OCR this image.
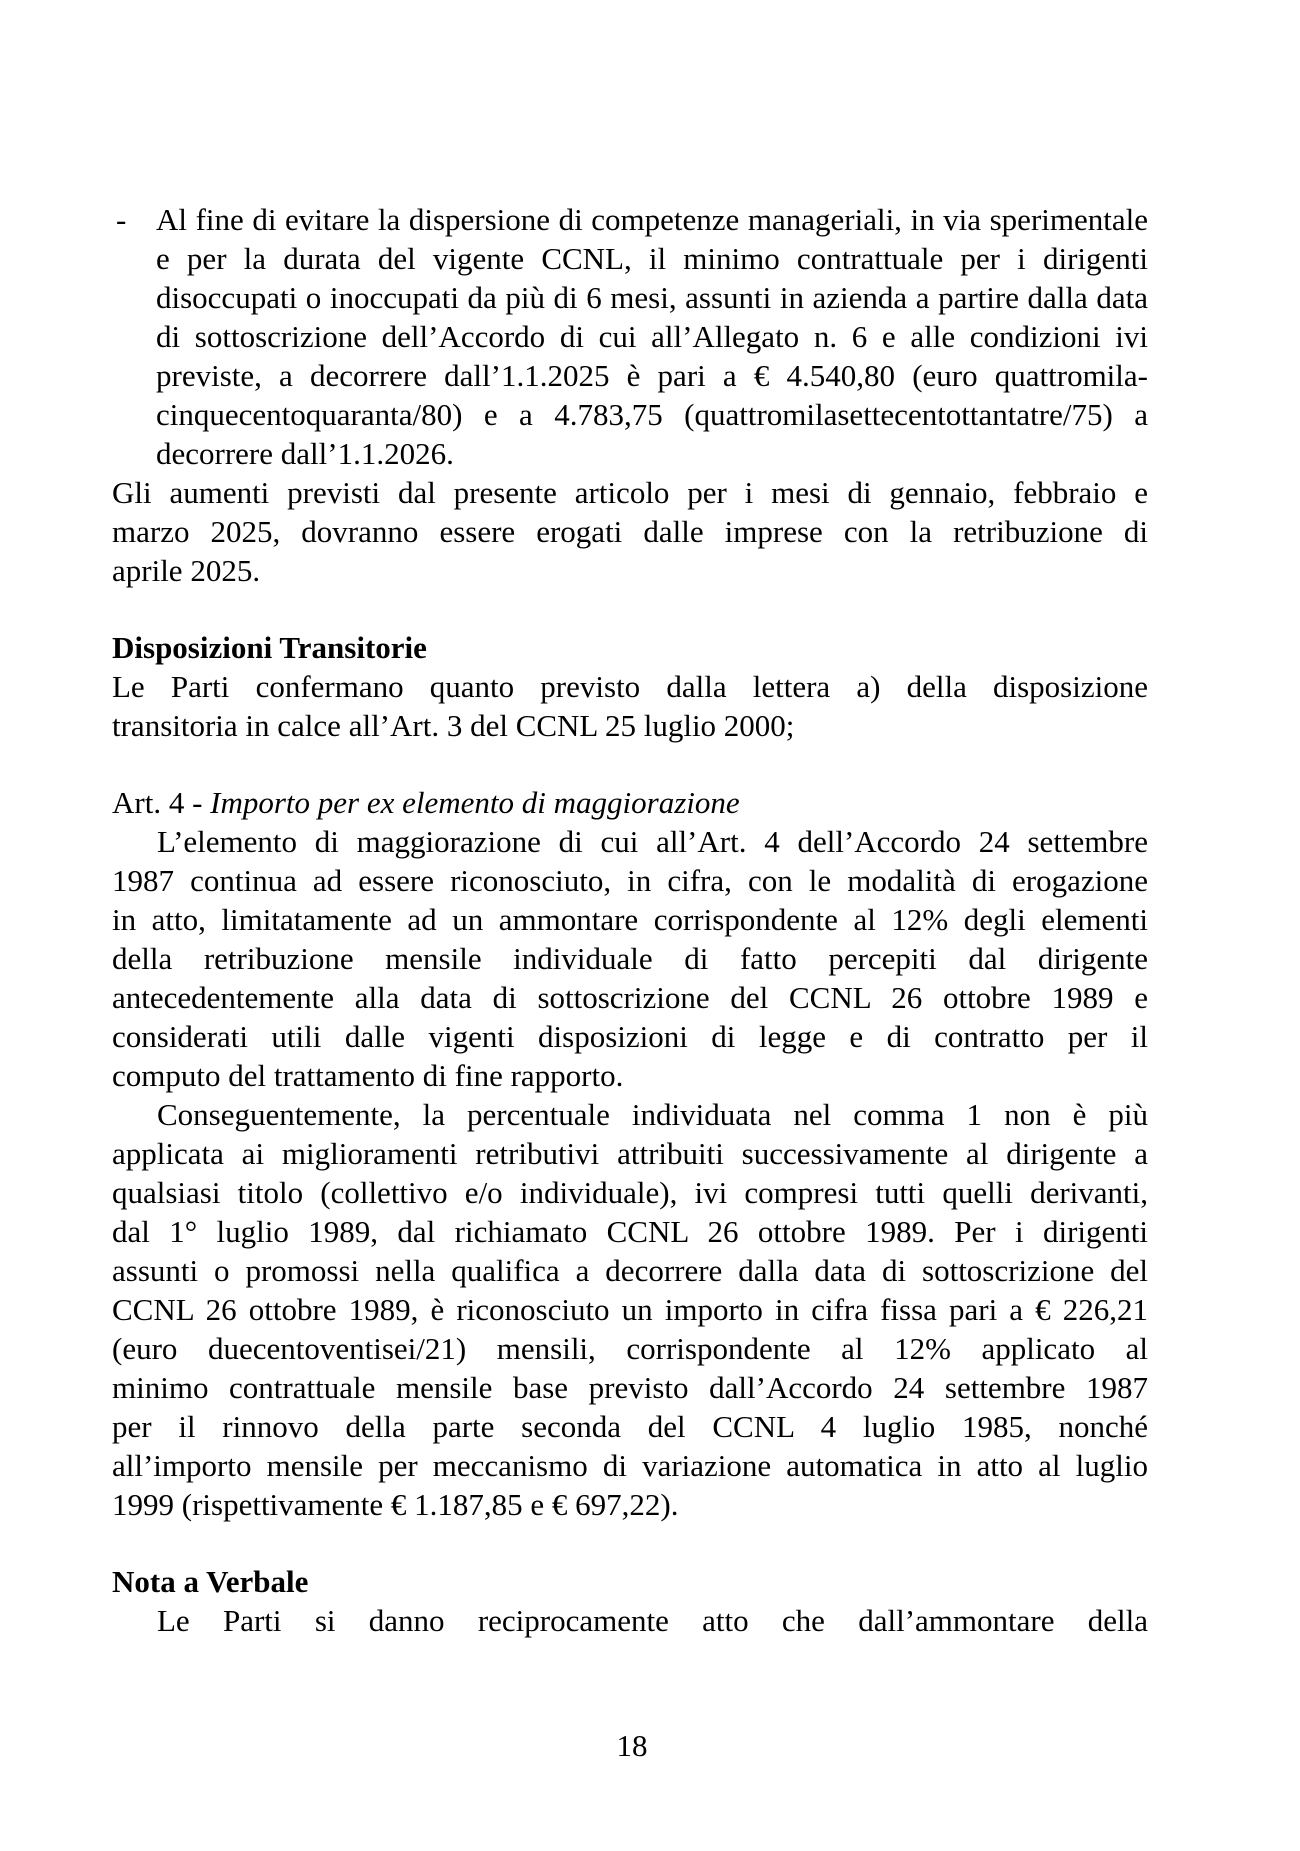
- Al fine di evitare la dispersione di competenze manageriali, in via sperimentale
e per la durata del vigente CCNL, il minimo contrattuale per i dirigenti
disoccupati o inoccupati da più di 6 mesi, assunti in azienda a partire dalla data
di sottoscrizione dell’Accordo di cui all’Allegato n. 6 e alle condizioni ivi
previste, a decorrere dall’1.1.2025 è pari a € 4.540,80 (euro quattromila-
cinquecentoquaranta/80) e a 4.783,75 (quattromilasettecentottantatre/75) a
decorrere dall’1.1.2026.
Gli aumenti previsti dal presente articolo per i mesi di gennaio, febbraio e
marzo 2025, dovranno essere erogati dalle imprese con la retribuzione di
aprile 2025.
Disposizioni Transitorie
Le Parti confermano quanto previsto dalla lettera a) della disposizione
transitoria in calce all’Art. 3 del CCNL 25 luglio 2000;
Art. 4 - Importo per ex elemento di maggiorazione
L’elemento di maggiorazione di cui all’Art. 4 dell’Accordo 24 settembre
1987 continua ad essere riconosciuto, in cifra, con le modalità di erogazione
in atto, limitatamente ad un ammontare corrispondente al 12% degli elementi
della retribuzione mensile individuale di fatto percepiti dal dirigente
antecedentemente alla data di sottoscrizione del CCNL 26 ottobre 1989 e
considerati utili dalle vigenti disposizioni di legge e di contratto per il
computo del trattamento di fine rapporto.
Conseguentemente, la percentuale individuata nel comma 1 non è più
applicata ai miglioramenti retributivi attribuiti successivamente al dirigente a
qualsiasi titolo (collettivo e/o individuale), ivi compresi tutti quelli derivanti,
dal 1° luglio 1989, dal richiamato CCNL 26 ottobre 1989. Per i dirigenti
assunti o promossi nella qualifica a decorrere dalla data di sottoscrizione del
CCNL 26 ottobre 1989, è riconosciuto un importo in cifra fissa pari a € 226,21
(euro duecentoventisei/21) mensili, corrispondente al 12% applicato al
minimo contrattuale mensile base previsto dall’Accordo 24 settembre 1987
per il rinnovo della parte seconda del CCNL 4 luglio 1985, nonché
all’importo mensile per meccanismo di variazione automatica in atto al luglio
1999 (rispettivamente € 1.187,85 e € 697,22).
Nota a Verbale
Le Parti si danno reciprocamente atto che dall’ammontare della
18
